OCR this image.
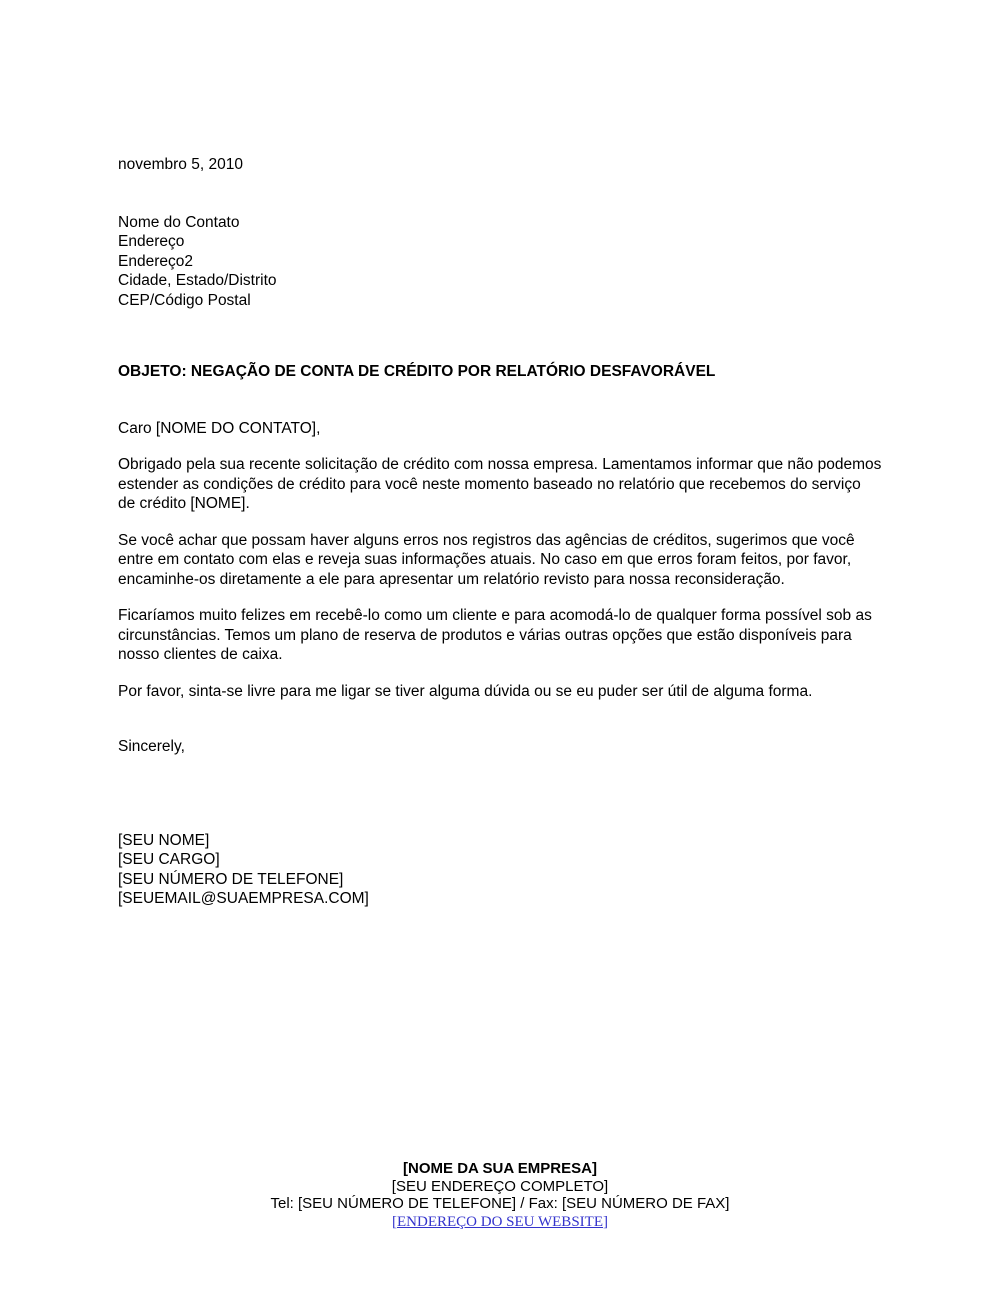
novembro 5, 2010

Nome do Contato
Endereço
Endereço2
Cidade, Estado/Distrito
CEP/Código Postal

OBJETO: NEGAÇÃO DE CONTA DE CRÉDITO POR RELATÓRIO DESFAVORÁVEL

Caro [NOME DO CONTATO],

Obrigado pela sua recente solicitação de crédito com nossa empresa. Lamentamos informar que não podemos estender as condições de crédito para você neste momento baseado no relatório que recebemos do serviço de crédito [NOME].

Se você achar que possam haver alguns erros nos registros das agências de créditos, sugerimos que você entre em contato com elas e reveja suas informações atuais. No caso em que erros foram feitos, por favor, encaminhe-os diretamente a ele para apresentar um relatório revisto para nossa reconsideração.

Ficaríamos muito felizes em recebê-lo como um cliente e para acomodá-lo de qualquer forma possível sob as circunstâncias. Temos um plano de reserva de produtos e várias outras opções que estão disponíveis para nosso clientes de caixa.

Por favor, sinta-se livre para me ligar se tiver alguma dúvida ou se eu puder ser útil de alguma forma.

Sincerely,

[SEU NOME]
[SEU CARGO]
[SEU NÚMERO DE TELEFONE]
[SEUEMAIL@SUAEMPRESA.COM]
[NOME DA SUA EMPRESA]
[SEU ENDEREÇO COMPLETO]
Tel: [SEU NÚMERO DE TELEFONE] / Fax: [SEU NÚMERO DE FAX]
[ENDEREÇO DO SEU WEBSITE]
